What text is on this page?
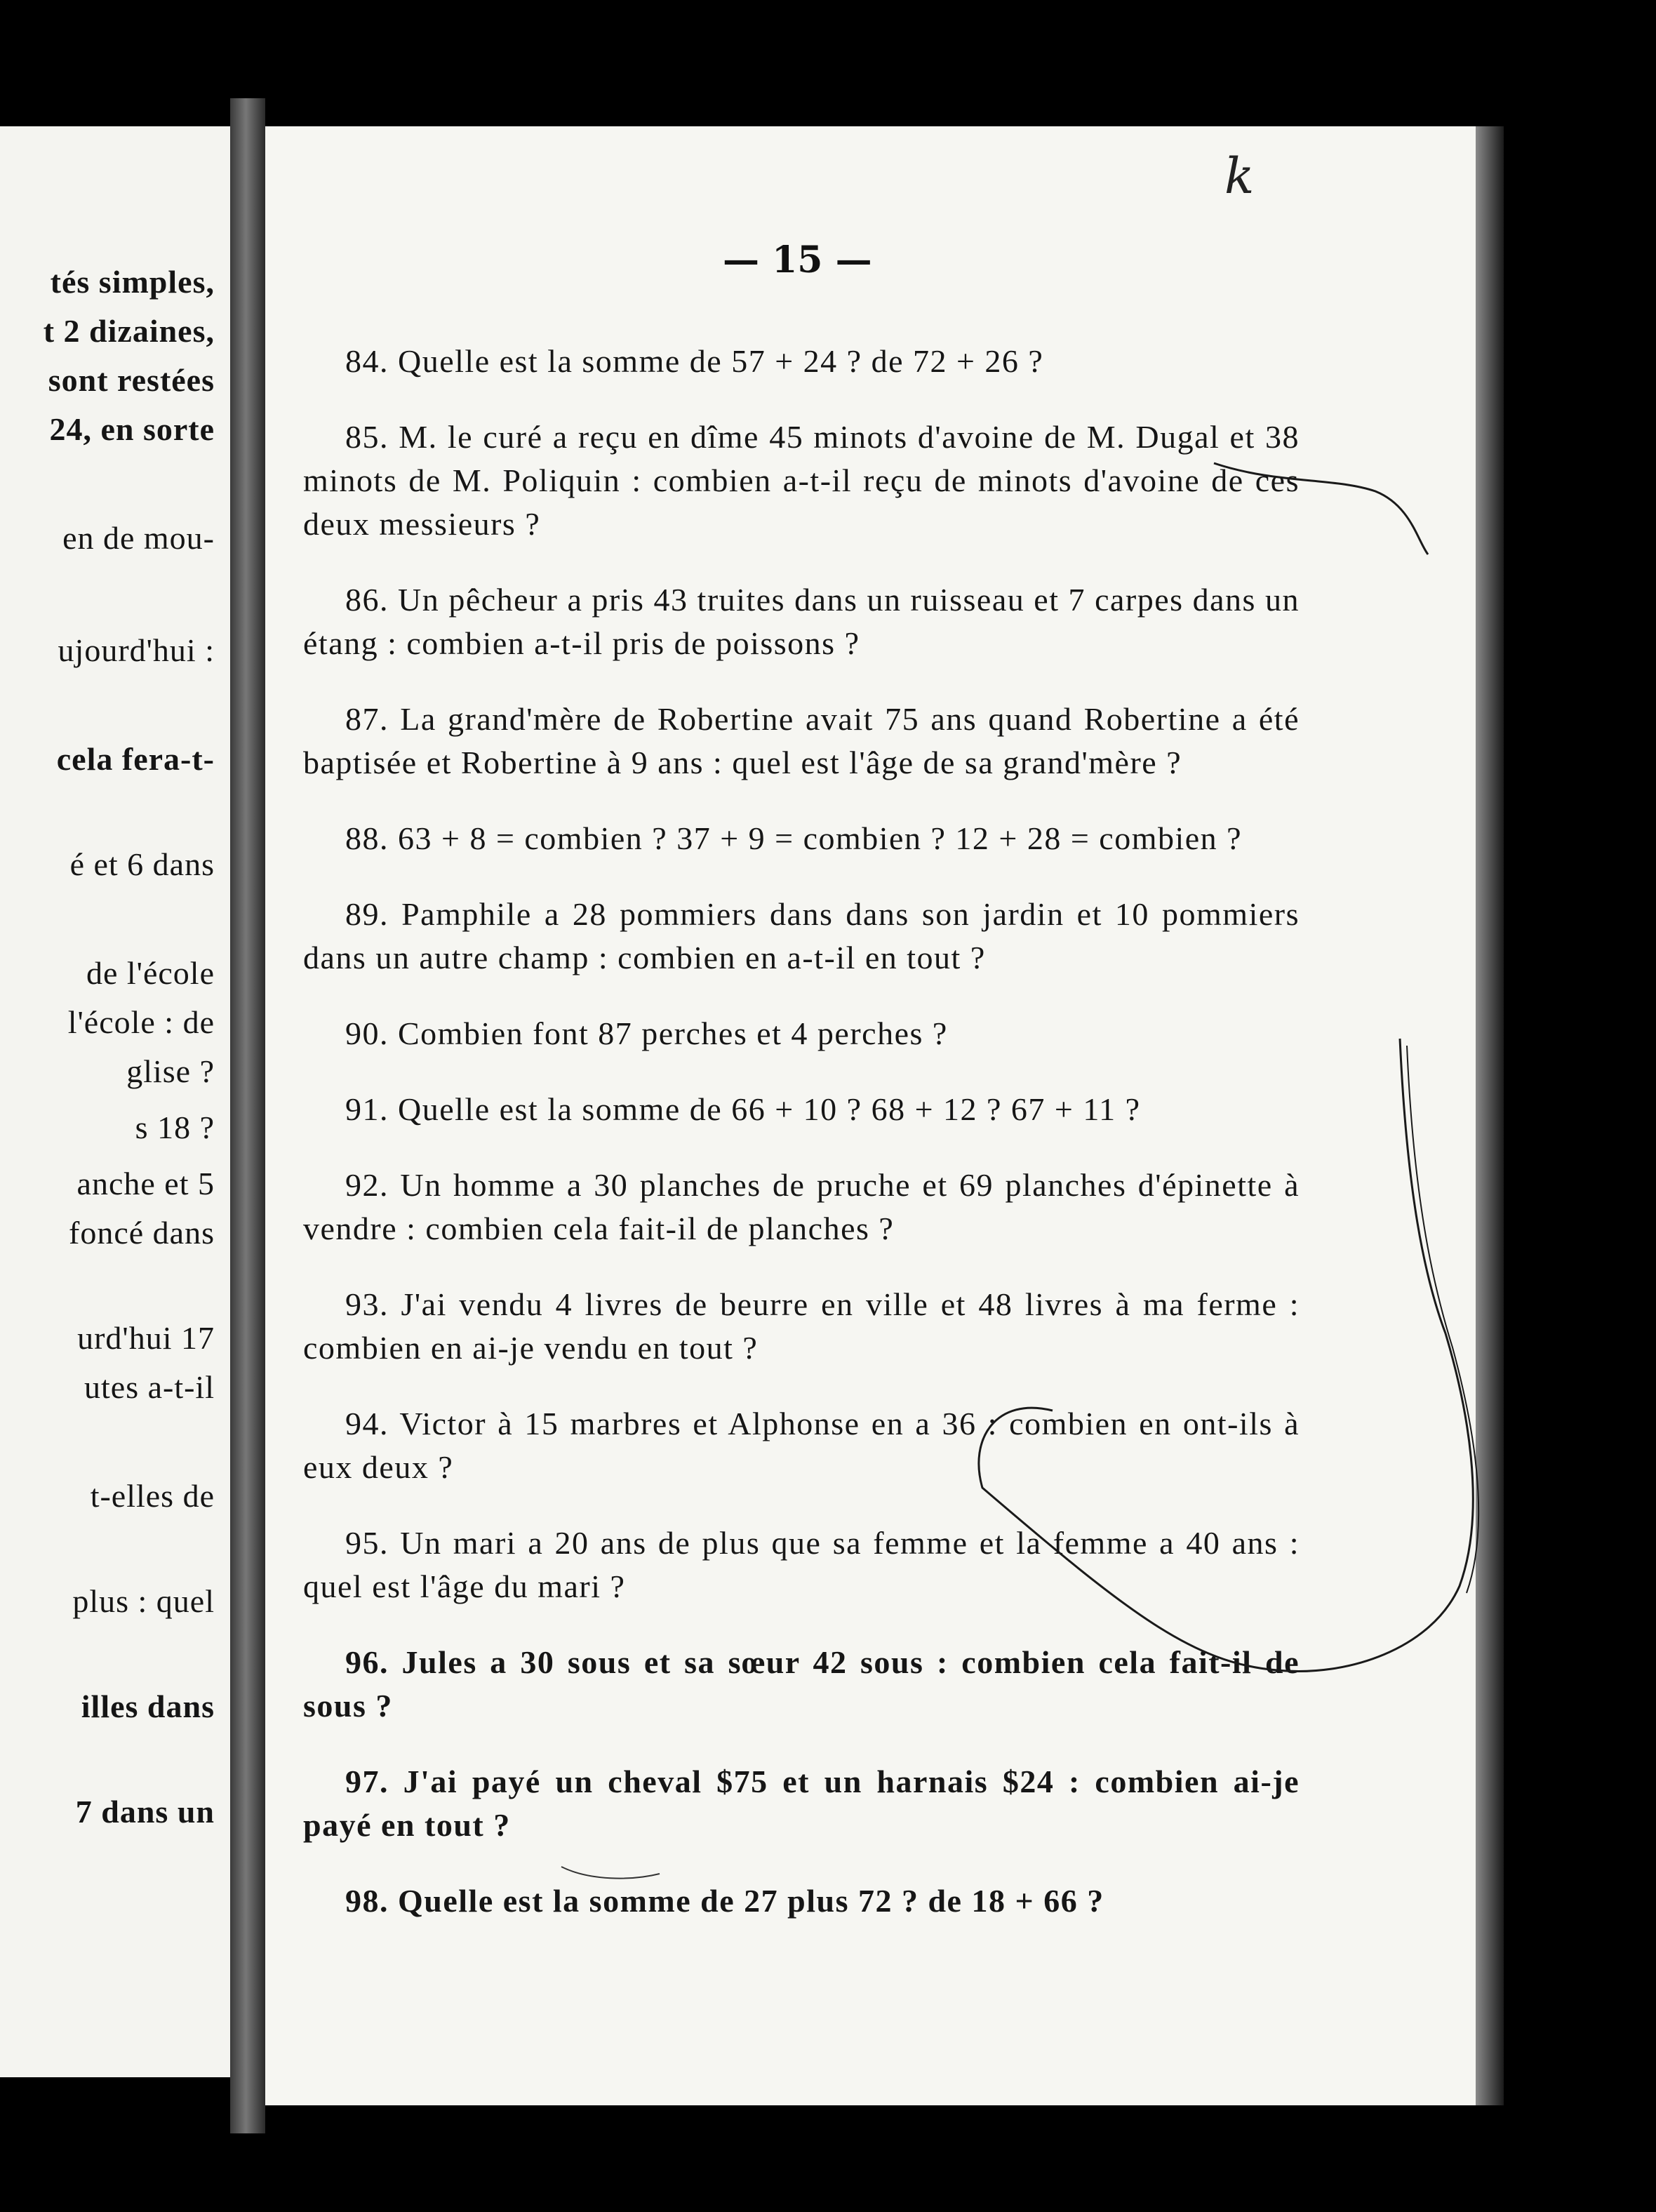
tés simples,
t 2 dizaines,
sont restées
24, en sorte
en de mou-
ujourd'hui :
cela fera-t-
é et 6 dans
de l'école
l'école : de
glise ?
s 18 ?
anche et 5
foncé dans
urd'hui 17
utes a-t-il
t-elles de
plus : quel
illes dans
7 dans un
k
— 15 —

84. Quelle est la somme de 57 + 24 ? de 72 + 26 ?

85. M. le curé a reçu en dîme 45 minots d'avoine de M. Dugal et 38 minots de M. Poliquin : combien a-t-il reçu de minots d'avoine de ces deux messieurs ?

86. Un pêcheur a pris 43 truites dans un ruisseau et 7 carpes dans un étang : combien a-t-il pris de poissons ?

87. La grand'mère de Robertine avait 75 ans quand Robertine a été baptisée et Robertine à 9 ans : quel est l'âge de sa grand'mère ?

88. 63 + 8 = combien ? 37 + 9 = combien ? 12 + 28 = combien ?

89. Pamphile a 28 pommiers dans dans son jardin et 10 pommiers dans un autre champ : combien en a-t-il en tout ?

90. Combien font 87 perches et 4 perches ?

91. Quelle est la somme de 66 + 10 ? 68 + 12 ? 67 + 11 ?

92. Un homme a 30 planches de pruche et 69 planches d'épinette à vendre : combien cela fait-il de planches ?

93. J'ai vendu 4 livres de beurre en ville et 48 livres à ma ferme : combien en ai-je vendu en tout ?

94. Victor à 15 marbres et Alphonse en a 36 : combien en ont-ils à eux deux ?

95. Un mari a 20 ans de plus que sa femme et la femme a 40 ans : quel est l'âge du mari ?

96. Jules a 30 sous et sa sœur 42 sous : combien cela fait-il de sous ?

97. J'ai payé un cheval $75 et un harnais $24 : combien ai-je payé en tout ?

98. Quelle est la somme de 27 plus 72 ? de 18 + 66 ?
